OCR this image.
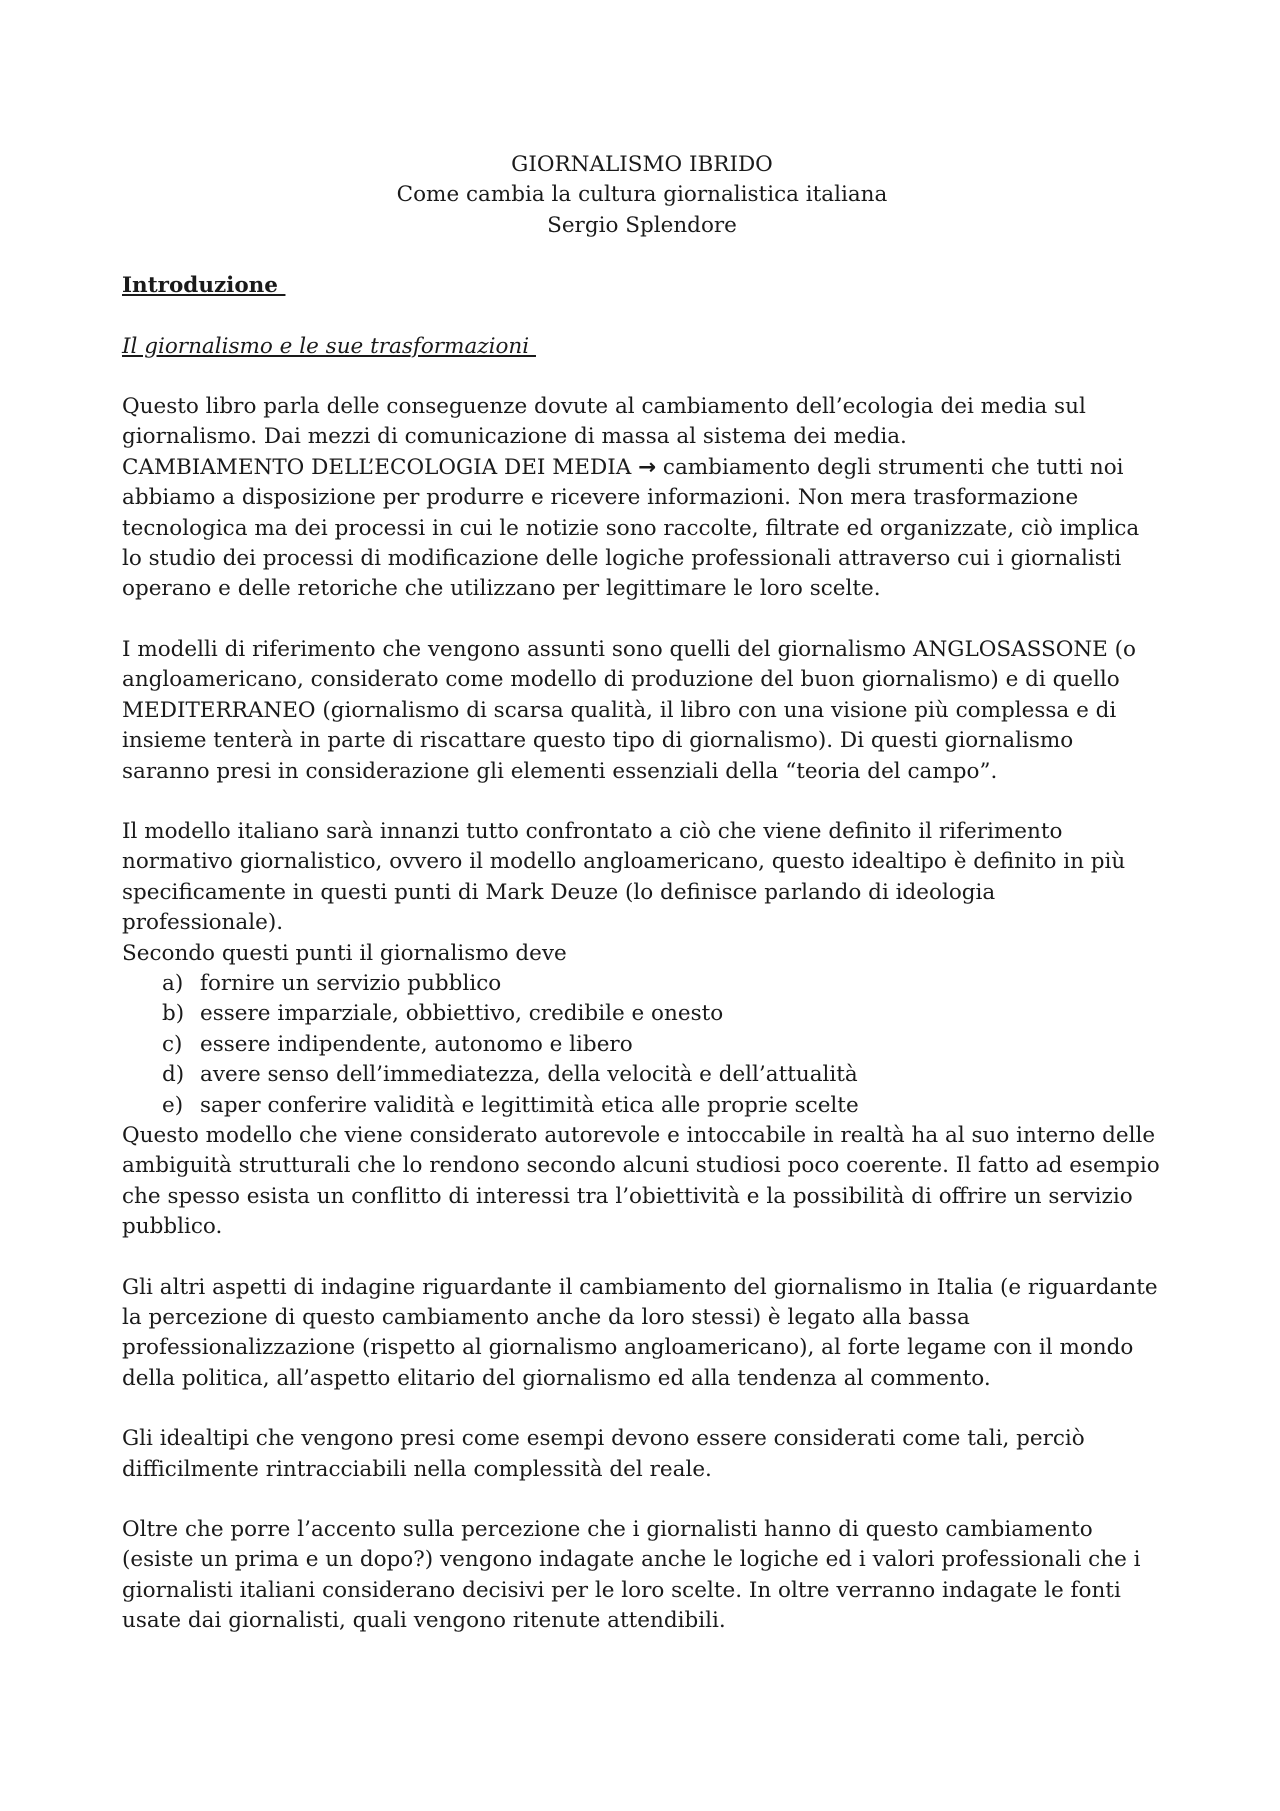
GIORNALISMO IBRIDO
Come cambia la cultura giornalistica italiana
Sergio Splendore
Introduzione
Il giornalismo e le sue trasformazioni

Questo libro parla delle conseguenze dovute al cambiamento dell’ecologia dei media sul giornalismo. Dai mezzi di comunicazione di massa al sistema dei media.
CAMBIAMENTO DELL’ECOLOGIA DEI MEDIA → cambiamento degli strumenti che tutti noi abbiamo a disposizione per produrre e ricevere informazioni. Non mera trasformazione tecnologica ma dei processi in cui le notizie sono raccolte, filtrate ed organizzate, ciò implica lo studio dei processi di modificazione delle logiche professionali attraverso cui i giornalisti operano e delle retoriche che utilizzano per legittimare le loro scelte.

I modelli di riferimento che vengono assunti sono quelli del giornalismo ANGLOSASSONE (o angloamericano, considerato come modello di produzione del buon giornalismo) e di quello MEDITERRANEO (giornalismo di scarsa qualità, il libro con una visione più complessa e di insieme tenterà in parte di riscattare questo tipo di giornalismo). Di questi giornalismo saranno presi in considerazione gli elementi essenziali della “teoria del campo”.

Il modello italiano sarà innanzi tutto confrontato a ciò che viene definito il riferimento normativo giornalistico, ovvero il modello angloamericano, questo idealtipo è definito in più specificamente in questi punti di Mark Deuze (lo definisce parlando di ideologia professionale).

Secondo questi punti il giornalismo deve

a) fornire un servizio pubblico
b) essere imparziale, obbiettivo, credibile e onesto
c) essere indipendente, autonomo e libero
d) avere senso dell’immediatezza, della velocità e dell’attualità
e) saper conferire validità e legittimità etica alle proprie scelte

Questo modello che viene considerato autorevole e intoccabile in realtà ha al suo interno delle ambiguità strutturali che lo rendono secondo alcuni studiosi poco coerente. Il fatto ad esempio che spesso esista un conflitto di interessi tra l’obiettività e la possibilità di offrire un servizio pubblico.

Gli altri aspetti di indagine riguardante il cambiamento del giornalismo in Italia (e riguardante la percezione di questo cambiamento anche da loro stessi) è legato alla bassa professionalizzazione (rispetto al giornalismo angloamericano), al forte legame con il mondo della politica, all’aspetto elitario del giornalismo ed alla tendenza al commento.

Gli idealtipi che vengono presi come esempi devono essere considerati come tali, perciò difficilmente rintracciabili nella complessità del reale.

Oltre che porre l’accento sulla percezione che i giornalisti hanno di questo cambiamento (esiste un prima e un dopo?) vengono indagate anche le logiche ed i valori professionali che i giornalisti italiani considerano decisivi per le loro scelte. In oltre verranno indagate le fonti usate dai giornalisti, quali vengono ritenute attendibili.
